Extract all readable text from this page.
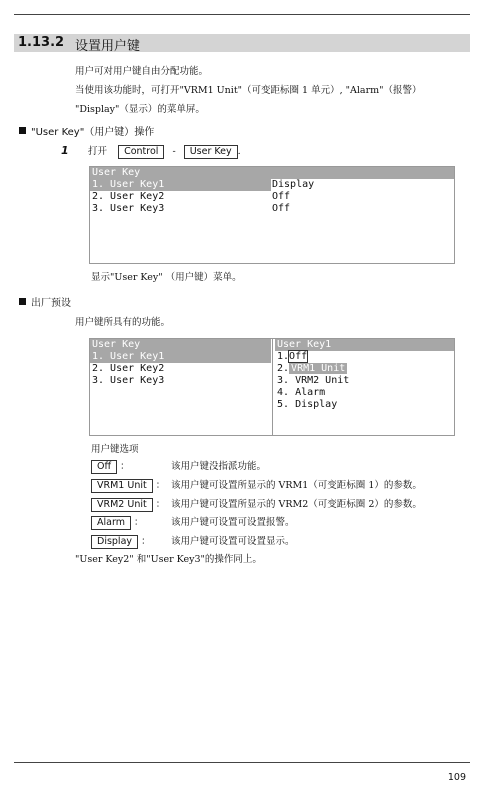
1.13.2 设置用户键
用户可对用户键自由分配功能。
当使用该功能时，可打开"VRM1 Unit"（可变距标圈 1 单元）, "Alarm"（报警）
"Display"（显示）的菜单屏。
"User Key"（用户键）操作
1 打开 Control - User Key .
User Key
1. User Key1	Display
2. User Key2	Off
3. User Key3	Off
显示"User Key" （用户键）菜单。
出厂预设
用户键所具有的功能。
User Key
1. User Key1
2. User Key2
3. User Key3
User Key1
1.Off
2. VRM1 Unit
3. VRM2 Unit
4. Alarm
5. Display
用户键选项
Off ：	该用户键没指派功能。
VRM1 Unit ： 该用户键可设置所显示的 VRM1（可变距标圈 1）的参数。
VRM2 Unit ： 该用户键可设置所显示的 VRM2（可变距标圈 2）的参数。
Alarm ：	该用户键可设置可设置报警。
Display ： 该用户键可设置可设置显示。
"User Key2" 和"User Key3"的操作同上。
109
